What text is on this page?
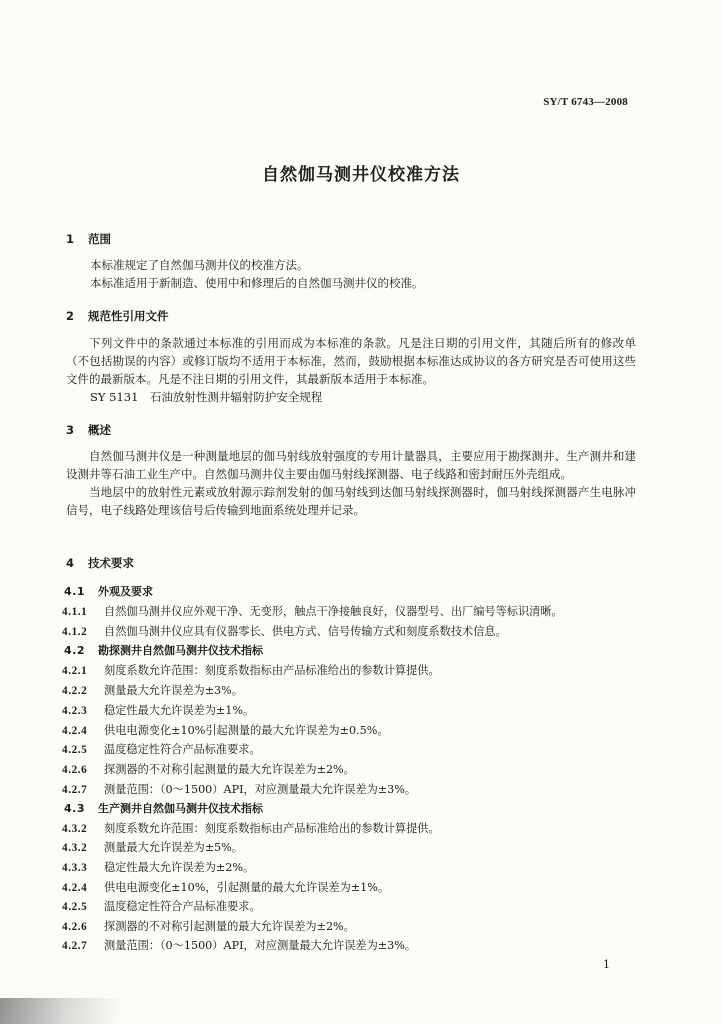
SY/T 6743—2008
自然伽马测井仪校准方法
1 范围

本标准规定了自然伽马测井仪的校准方法。

本标准适用于新制造、使用中和修理后的自然伽马测井仪的校准。

2 规范性引用文件

下列文件中的条款通过本标准的引用而成为本标准的条款。凡是注日期的引用文件，其随后所有的修改单（不包括勘误的内容）或修订版均不适用于本标准，然而，鼓励根据本标准达成协议的各方研究是否可使用这些文件的最新版本。凡是不注日期的引用文件，其最新版本适用于本标准。

SY 5131　石油放射性测井辐射防护安全规程

3 概述

自然伽马测井仪是一种测量地层的伽马射线放射强度的专用计量器具，主要应用于勘探测井、生产测井和建设测井等石油工业生产中。自然伽马测井仪主要由伽马射线探测器、电子线路和密封耐压外壳组成。

当地层中的放射性元素或放射源示踪剂发射的伽马射线到达伽马射线探测器时，伽马射线探测器产生电脉冲信号，电子线路处理该信号后传输到地面系统处理并记录。

4 技术要求
4.1 外观及要求
4.1.1 自然伽马测井仪应外观干净、无变形，触点干净接触良好，仪器型号、出厂编号等标识清晰。
4.1.2 自然伽马测井仪应具有仪器零长、供电方式、信号传输方式和刻度系数技术信息。
4.2 勘探测井自然伽马测井仪技术指标
4.2.1 刻度系数允许范围：刻度系数指标由产品标准给出的参数计算提供。
4.2.2 测量最大允许误差为±3%。
4.2.3 稳定性最大允许误差为±1%。
4.2.4 供电电源变化±10%引起测量的最大允许误差为±0.5%。
4.2.5 温度稳定性符合产品标准要求。
4.2.6 探测器的不对称引起测量的最大允许误差为±2%。
4.2.7 测量范围：（0～1500）API，对应测量最大允许误差为±3%。
4.3 生产测井自然伽马测井仪技术指标
4.3.2 刻度系数允许范围：刻度系数指标由产品标准给出的参数计算提供。
4.3.2 测量最大允许误差为±5%。
4.3.3 稳定性最大允许误差为±2%。
4.2.4 供电电源变化±10%，引起测量的最大允许误差为±1%。
4.2.5 温度稳定性符合产品标准要求。
4.2.6 探测器的不对称引起测量的最大允许误差为±2%。
4.2.7 测量范围：（0～1500）API，对应测量最大允许误差为±3%。
1
